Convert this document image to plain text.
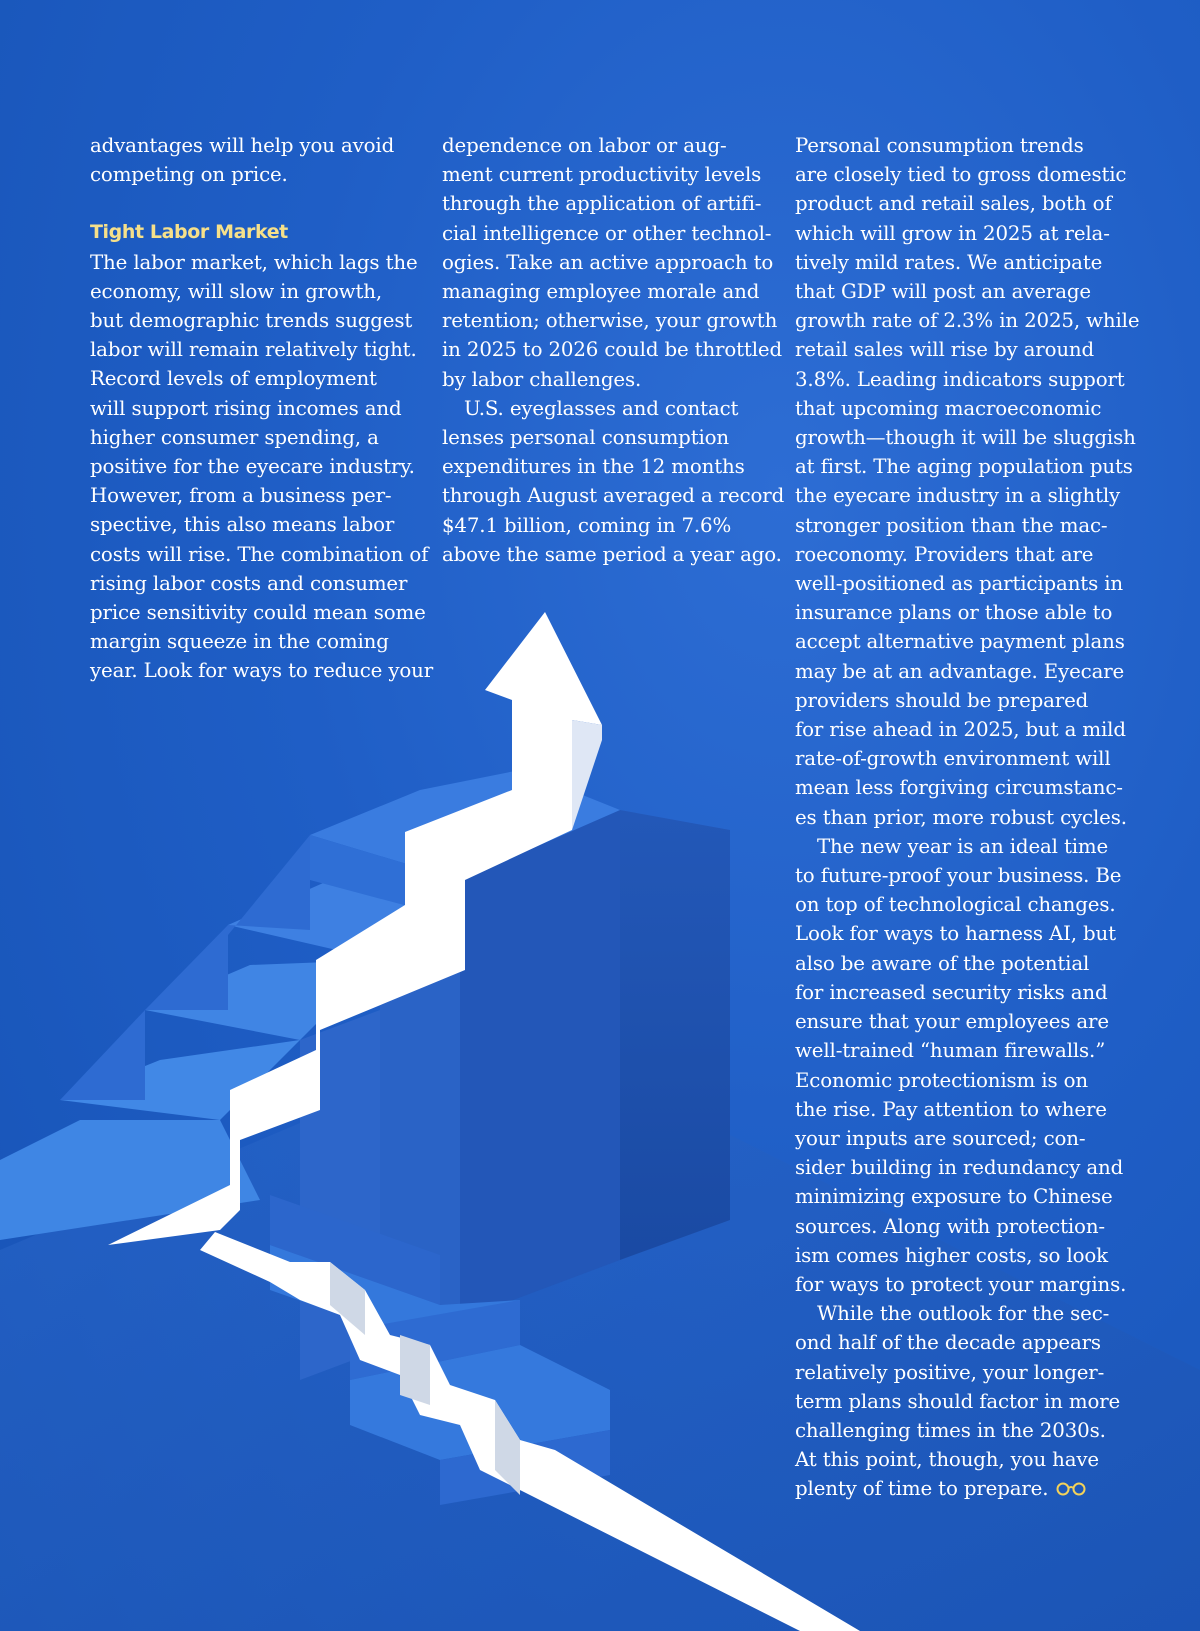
advantages will help you avoid
competing on price.
Tight Labor Market
The labor market, which lags the
economy, will slow in growth,
but demographic trends suggest
labor will remain relatively tight.
Record levels of employment
will support rising incomes and
higher consumer spending, a
positive for the eyecare industry.
However, from a business per-
spective, this also means labor
costs will rise. The combination of
rising labor costs and consumer
price sensitivity could mean some
margin squeeze in the coming
year. Look for ways to reduce your
dependence on labor or aug-
ment current productivity levels
through the application of artifi-
cial intelligence or other technol-
ogies. Take an active approach to
managing employee morale and
retention; otherwise, your growth
in 2025 to 2026 could be throttled
by labor challenges.
U.S. eyeglasses and contact
lenses personal consumption
expenditures in the 12 months
through August averaged a record
$47.1 billion, coming in 7.6%
above the same period a year ago.
Personal consumption trends
are closely tied to gross domestic
product and retail sales, both of
which will grow in 2025 at rela-
tively mild rates. We anticipate
that GDP will post an average
growth rate of 2.3% in 2025, while
retail sales will rise by around
3.8%. Leading indicators support
that upcoming macroeconomic
growth—though it will be sluggish
at first. The aging population puts
the eyecare industry in a slightly
stronger position than the mac-
roeconomy. Providers that are
well-positioned as participants in
insurance plans or those able to
accept alternative payment plans
may be at an advantage. Eyecare
providers should be prepared
for rise ahead in 2025, but a mild
rate-of-growth environment will
mean less forgiving circumstanc-
es than prior, more robust cycles.
The new year is an ideal time
to future-proof your business. Be
on top of technological changes.
Look for ways to harness AI, but
also be aware of the potential
for increased security risks and
ensure that your employees are
well-trained “human firewalls.”
Economic protectionism is on
the rise. Pay attention to where
your inputs are sourced; con-
sider building in redundancy and
minimizing exposure to Chinese
sources. Along with protection-
ism comes higher costs, so look
for ways to protect your margins.
While the outlook for the sec-
ond half of the decade appears
relatively positive, your longer-
term plans should factor in more
challenging times in the 2030s.
At this point, though, you have
plenty of time to prepare.
